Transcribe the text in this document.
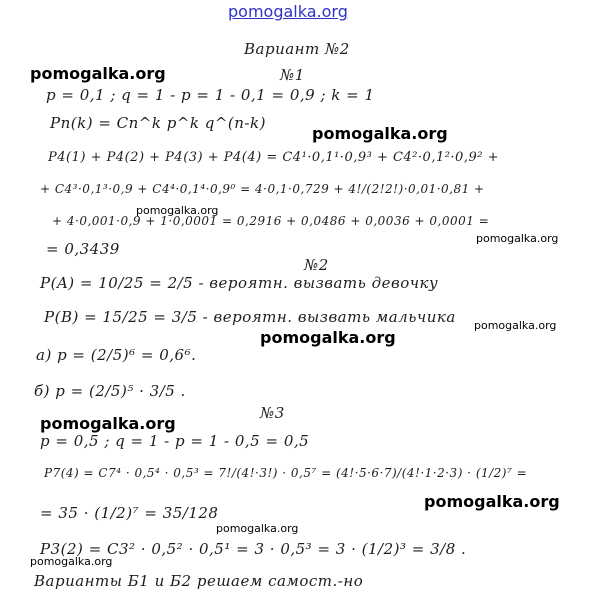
pomogalka.org
pomogalka.org
pomogalka.org
pomogalka.org
pomogalka.org
pomogalka.org
pomogalka.org
pomogalka.org
pomogalka.org
pomogalka.org
pomogalka.org
Вариант №2
№1
p = 0,1 ; q = 1 - p = 1 - 0,1 = 0,9 ; k = 1
Pn(k) = Cn^k p^k q^(n-k)
P4(1) + P4(2) + P4(3) + P4(4) = C4¹·0,1¹·0,9³ + C4²·0,1²·0,9² +
+ C4³·0,1³·0,9 + C4⁴·0,1⁴·0,9⁰ = 4·0,1·0,729 + 4!/(2!2!)·0,01·0,81 +
+ 4·0,001·0,9 + 1·0,0001 = 0,2916 + 0,0486 + 0,0036 + 0,0001 =
= 0,3439
№2
P(A) = 10/25 = 2/5 - вероятн. вызвать девочку
P(B) = 15/25 = 3/5 - вероятн. вызвать мальчика
а) p = (2/5)⁶ = 0,6⁶.
б) p = (2/5)⁵ · 3/5 .
№3
p = 0,5 ; q = 1 - p = 1 - 0,5 = 0,5
P7(4) = C7⁴ · 0,5⁴ · 0,5³ = 7!/(4!·3!) · 0,5⁷ = (4!·5·6·7)/(4!·1·2·3) · (1/2)⁷ =
= 35 · (1/2)⁷ = 35/128
P3(2) = C3² · 0,5² · 0,5¹ = 3 · 0,5³ = 3 · (1/2)³ = 3/8 .
Варианты Б1 и Б2 решаем самост.-но
